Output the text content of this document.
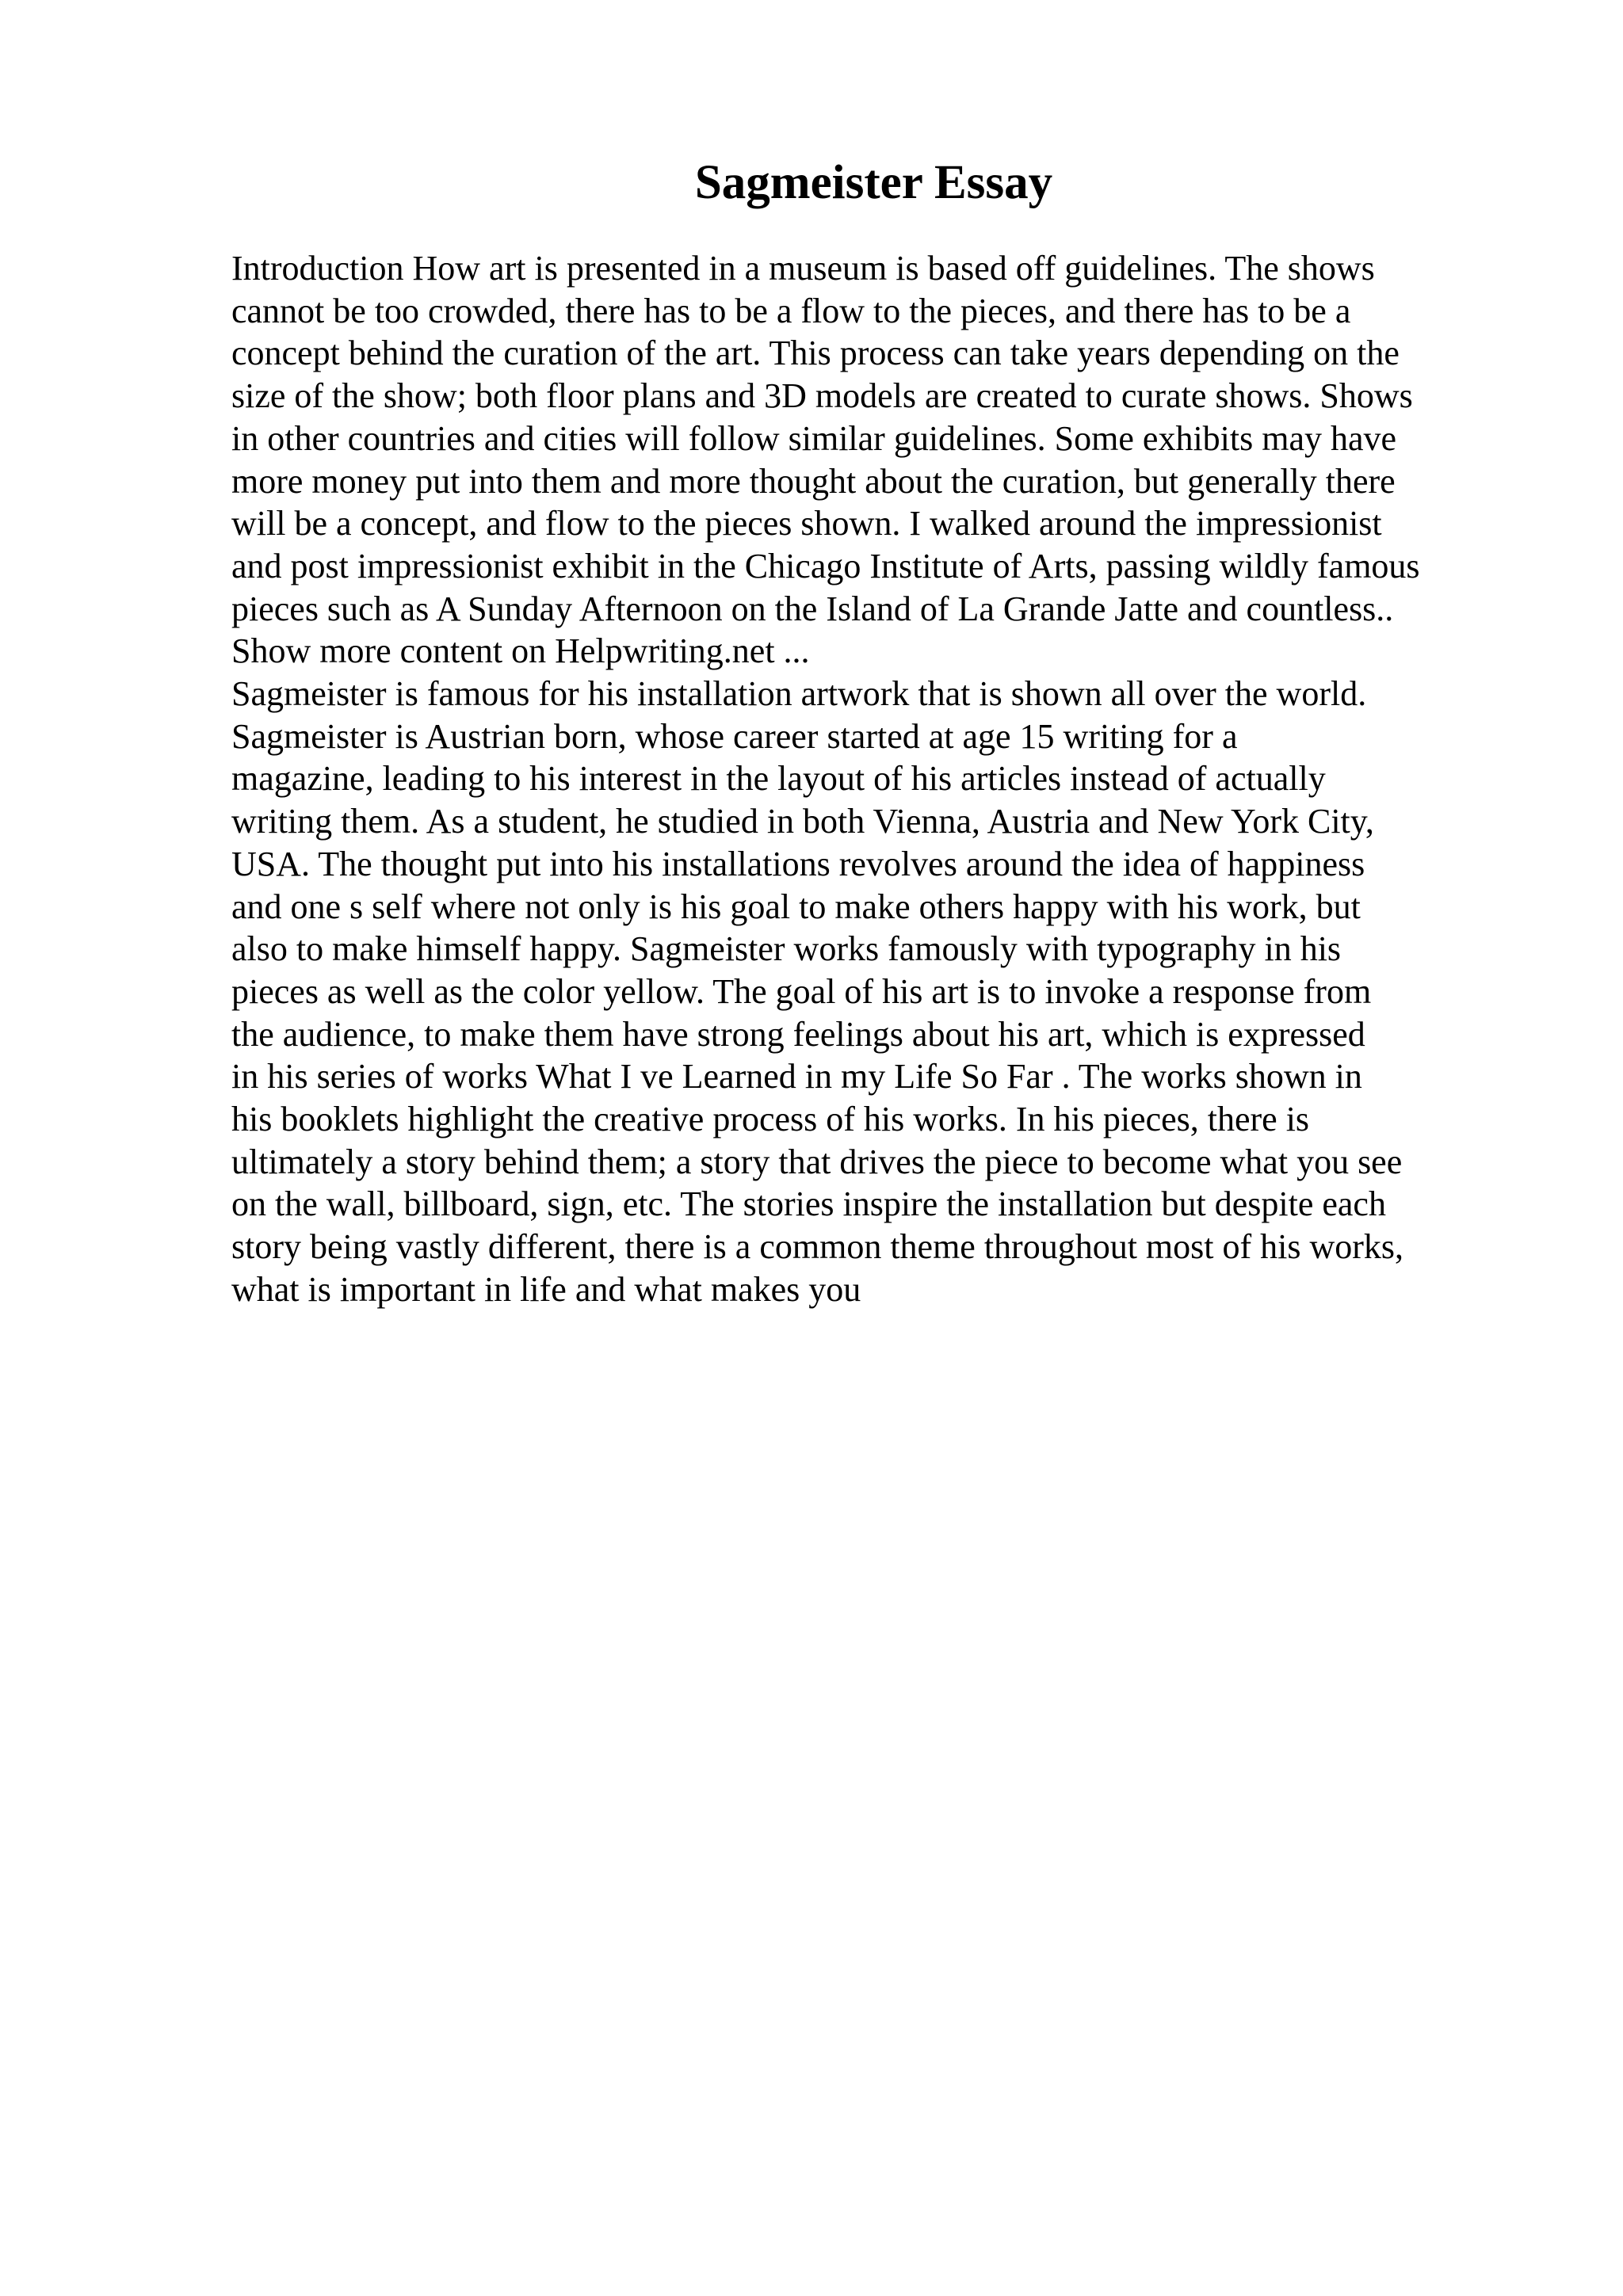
Sagmeister Essay
Introduction How art is presented in a museum is based off guidelines. The shows
cannot be too crowded, there has to be a flow to the pieces, and there has to be a
concept behind the curation of the art. This process can take years depending on the
size of the show; both floor plans and 3D models are created to curate shows. Shows
in other countries and cities will follow similar guidelines. Some exhibits may have
more money put into them and more thought about the curation, but generally there
will be a concept, and flow to the pieces shown. I walked around the impressionist
and post impressionist exhibit in the Chicago Institute of Arts, passing wildly famous
pieces such as A Sunday Afternoon on the Island of La Grande Jatte and countless..
Show more content on Helpwriting.net ...
Sagmeister is famous for his installation artwork that is shown all over the world.
Sagmeister is Austrian born, whose career started at age 15 writing for a
magazine, leading to his interest in the layout of his articles instead of actually
writing them. As a student, he studied in both Vienna, Austria and New York City,
USA. The thought put into his installations revolves around the idea of happiness
and one s self where not only is his goal to make others happy with his work, but
also to make himself happy. Sagmeister works famously with typography in his
pieces as well as the color yellow. The goal of his art is to invoke a response from
the audience, to make them have strong feelings about his art, which is expressed
in his series of works What I ve Learned in my Life So Far . The works shown in
his booklets highlight the creative process of his works. In his pieces, there is
ultimately a story behind them; a story that drives the piece to become what you see
on the wall, billboard, sign, etc. The stories inspire the installation but despite each
story being vastly different, there is a common theme throughout most of his works,
what is important in life and what makes you
